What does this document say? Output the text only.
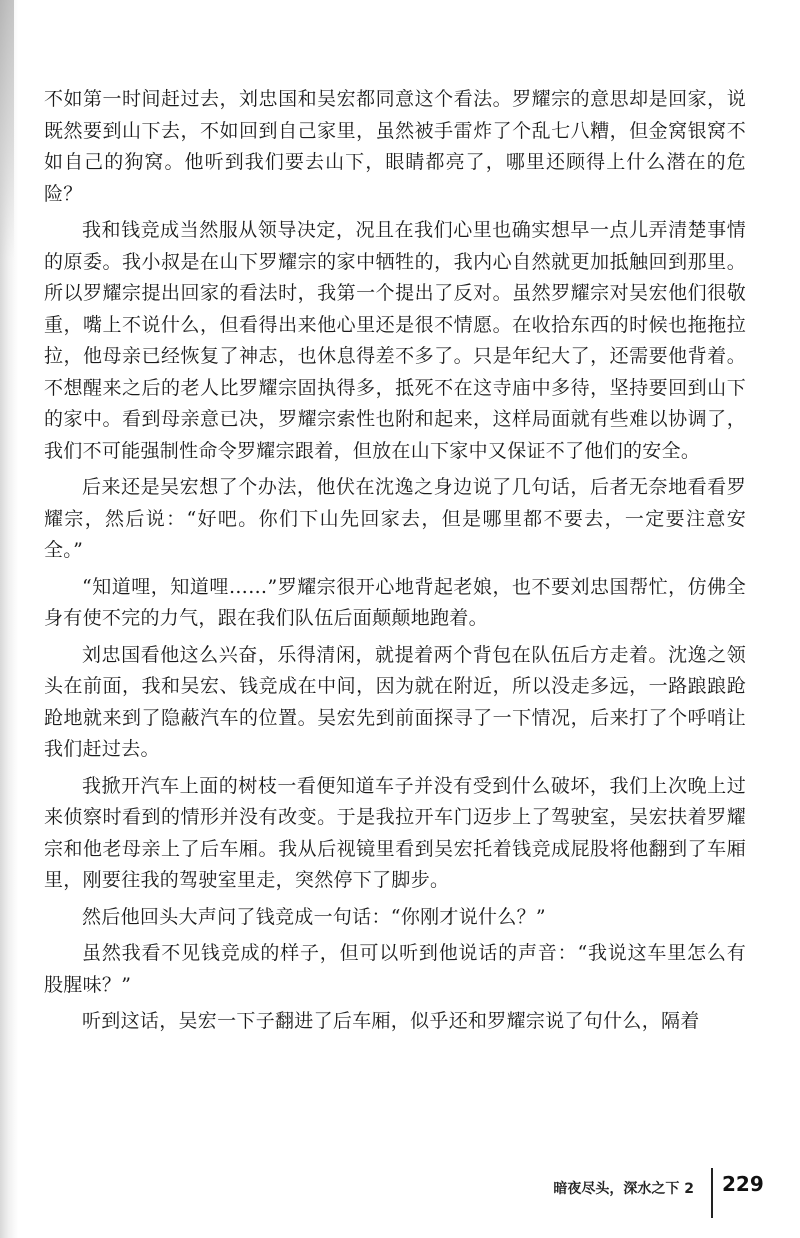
不如第一时间赶过去，刘忠国和吴宏都同意这个看法。罗耀宗的意思却是回家，说既然要到山下去，不如回到自己家里，虽然被手雷炸了个乱七八糟，但金窝银窝不如自己的狗窝。他听到我们要去山下，眼睛都亮了，哪里还顾得上什么潜在的危险？

我和钱竞成当然服从领导决定，况且在我们心里也确实想早一点儿弄清楚事情的原委。我小叔是在山下罗耀宗的家中牺牲的，我内心自然就更加抵触回到那里。所以罗耀宗提出回家的看法时，我第一个提出了反对。虽然罗耀宗对吴宏他们很敬重，嘴上不说什么，但看得出来他心里还是很不情愿。在收拾东西的时候也拖拖拉拉，他母亲已经恢复了神志，也休息得差不多了。只是年纪大了，还需要他背着。不想醒来之后的老人比罗耀宗固执得多，抵死不在这寺庙中多待，坚持要回到山下的家中。看到母亲意已决，罗耀宗索性也附和起来，这样局面就有些难以协调了，我们不可能强制性命令罗耀宗跟着，但放在山下家中又保证不了他们的安全。

后来还是吴宏想了个办法，他伏在沈逸之身边说了几句话，后者无奈地看看罗耀宗，然后说：“好吧。你们下山先回家去，但是哪里都不要去，一定要注意安全。”

“知道哩，知道哩……”罗耀宗很开心地背起老娘，也不要刘忠国帮忙，仿佛全身有使不完的力气，跟在我们队伍后面颠颠地跑着。

刘忠国看他这么兴奋，乐得清闲，就提着两个背包在队伍后方走着。沈逸之领头在前面，我和吴宏、钱竞成在中间，因为就在附近，所以没走多远，一路踉踉跄跄地就来到了隐蔽汽车的位置。吴宏先到前面探寻了一下情况，后来打了个呼哨让我们赶过去。

我掀开汽车上面的树枝一看便知道车子并没有受到什么破坏，我们上次晚上过来侦察时看到的情形并没有改变。于是我拉开车门迈步上了驾驶室，吴宏扶着罗耀宗和他老母亲上了后车厢。我从后视镜里看到吴宏托着钱竞成屁股将他翻到了车厢里，刚要往我的驾驶室里走，突然停下了脚步。

然后他回头大声问了钱竞成一句话：“你刚才说什么？”

虽然我看不见钱竞成的样子，但可以听到他说话的声音：“我说这车里怎么有股腥味？”

听到这话，吴宏一下子翻进了后车厢，似乎还和罗耀宗说了句什么，隔着

暗夜尽头，深水之下 2 229
